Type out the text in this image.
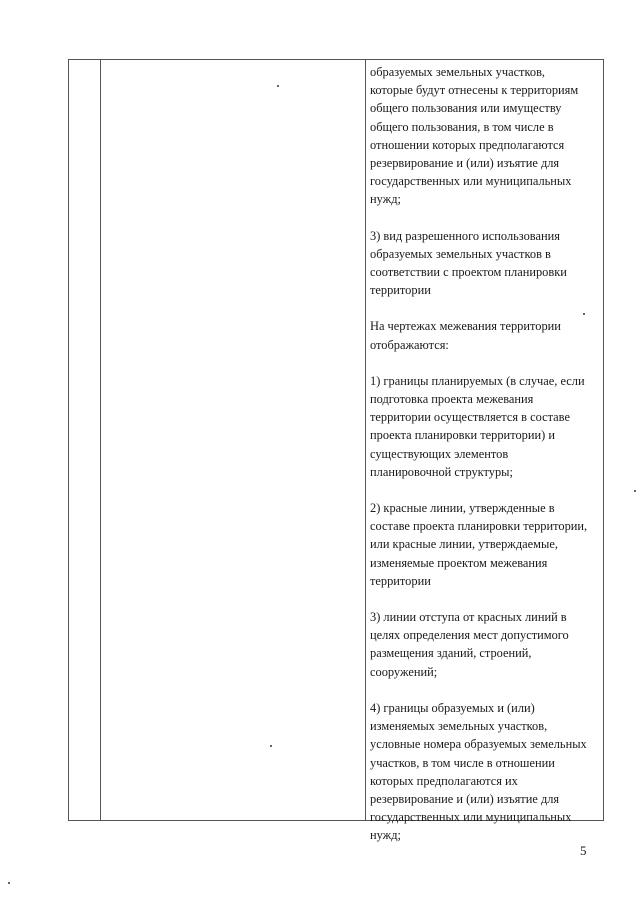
образуемых земельных участков,
которые будут отнесены к территориям
общего пользования или имуществу
общего пользования, в том числе в
отношении которых предполагаются
резервирование и (или) изъятие для
государственных или муниципальных
нужд;
3) вид разрешенного использования
образуемых земельных участков в
соответствии с проектом планировки
территории
На чертежах межевания территории
отображаются:
1) границы планируемых (в случае, если
подготовка проекта межевания
территории осуществляется в составе
проекта планировки территории) и
существующих элементов
планировочной структуры;
2) красные линии, утвержденные в
составе проекта планировки территории,
или красные линии, утверждаемые,
изменяемые проектом межевания
территории
3) линии отступа от красных линий в
целях определения мест допустимого
размещения зданий, строений,
сооружений;
4) границы образуемых и (или)
изменяемых земельных участков,
условные номера образуемых земельных
участков, в том числе в отношении
которых предполагаются их
резервирование и (или) изъятие для
государственных или муниципальных
нужд;
5
